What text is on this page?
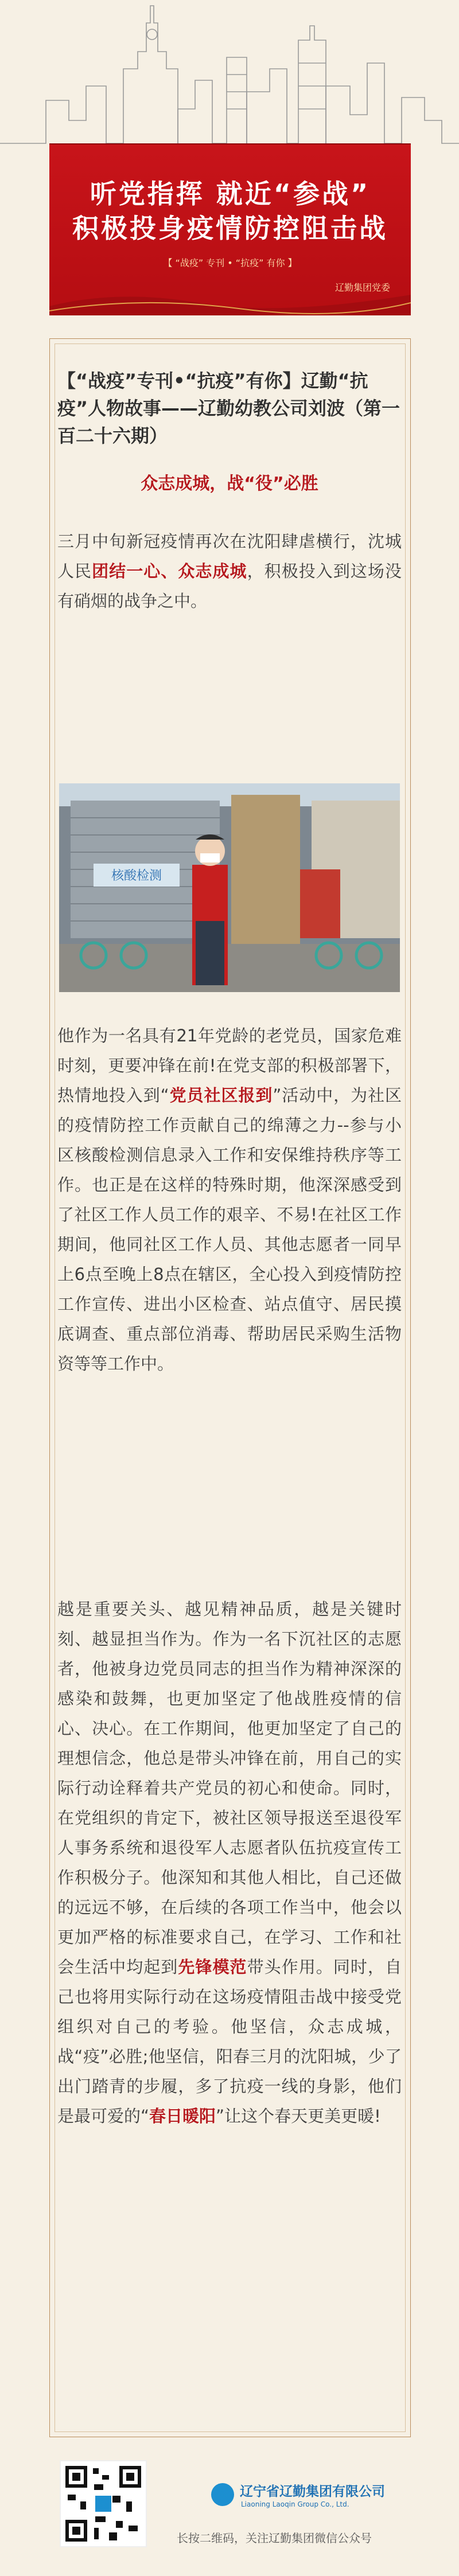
听党指挥 就近“参战”
积极投身疫情防控阻击战
【 “战疫” 专刊 • “抗疫” 有你 】
辽勤集团党委
【“战疫”专刊•“抗疫”有你】辽勤“抗疫”人物故事——辽勤幼教公司刘波（第一百二十六期）
众志成城，战“役”必胜

三月中旬新冠疫情再次在沈阳肆虐横行，沈城人民团结一心、众志成城，积极投入到这场没有硝烟的战争之中。

核酸检测

他作为一名具有21年党龄的老党员，国家危难时刻，更要冲锋在前!在党支部的积极部署下，热情地投入到“党员社区报到”活动中，为社区的疫情防控工作贡献自己的绵薄之力--参与小区核酸检测信息录入工作和安保维持秩序等工作。也正是在这样的特殊时期，他深深感受到了社区工作人员工作的艰辛、不易!在社区工作期间，他同社区工作人员、其他志愿者一同早上6点至晚上8点在辖区，全心投入到疫情防控工作宣传、进出小区检查、站点值守、居民摸底调查、重点部位消毒、帮助居民采购生活物资等等工作中。

越是重要关头、越见精神品质，越是关键时刻、越显担当作为。作为一名下沉社区的志愿者，他被身边党员同志的担当作为精神深深的感染和鼓舞，也更加坚定了他战胜疫情的信心、决心。在工作期间，他更加坚定了自己的理想信念，他总是带头冲锋在前，用自己的实际行动诠释着共产党员的初心和使命。同时，在党组织的肯定下，被社区领导报送至退役军人事务系统和退役军人志愿者队伍抗疫宣传工作积极分子。他深知和其他人相比，自己还做的远远不够，在后续的各项工作当中，他会以更加严格的标准要求自己，在学习、工作和社会生活中均起到先锋模范带头作用。同时，自己也将用实际行动在这场疫情阻击战中接受党组织对自己的考验。他坚信，众志成城，战“疫”必胜;他坚信，阳春三月的沈阳城，少了出门踏青的步履，多了抗疫一线的身影，他们是最可爱的“春日暖阳”让这个春天更美更暖!

辽宁省辽勤集团有限公司
Liaoning Laoqin Group Co., Ltd.
长按二维码，关注辽勤集团微信公众号
